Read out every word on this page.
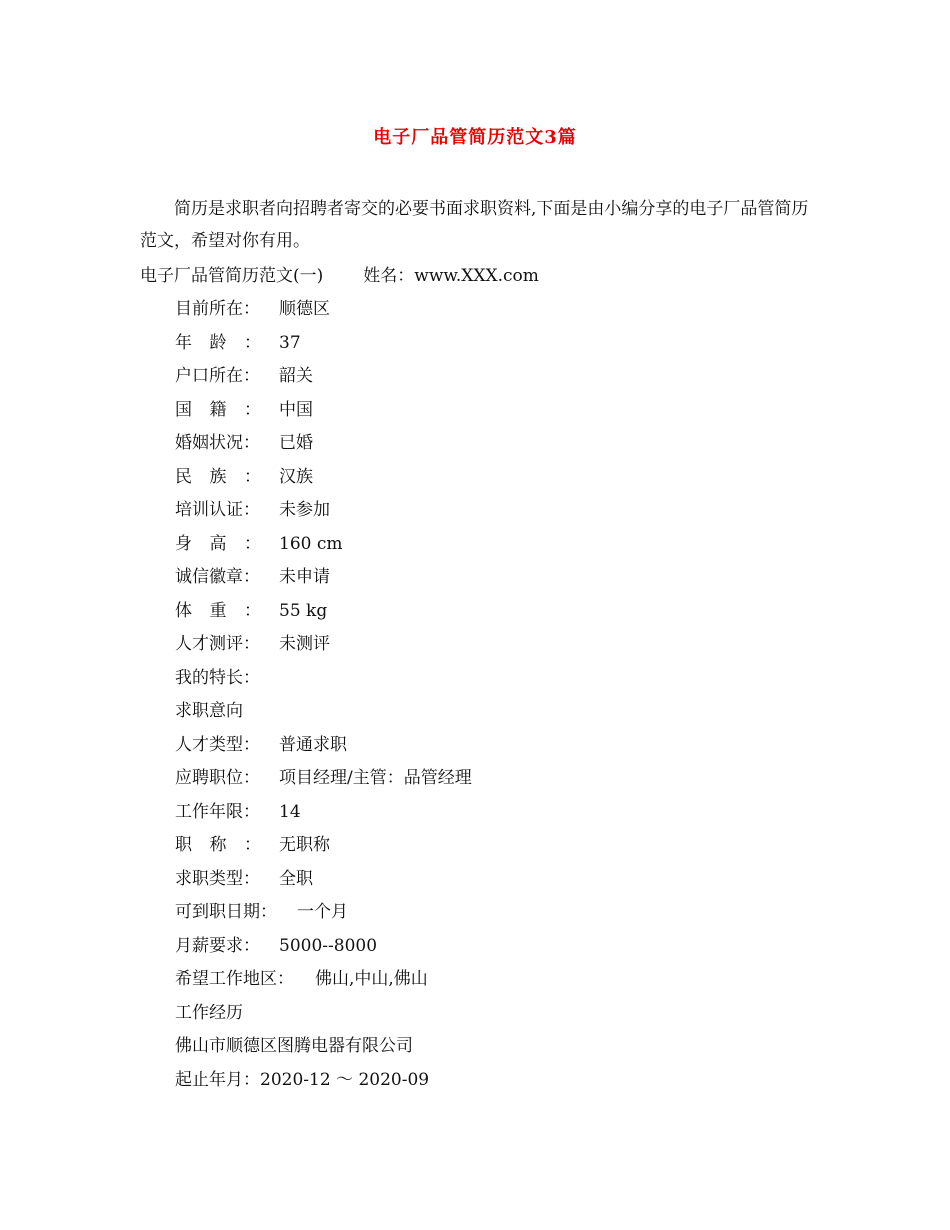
电子厂品管简历范文3篇

简历是求职者向招聘者寄交的必要书面求职资料,下面是由小编分享的电子厂品管简历范文，希望对你有用。

电子厂品管简历范文(一) 姓名：www.XXX.com
目前所在： 顺德区
年龄： 37
户口所在： 韶关
国籍： 中国
婚姻状况： 已婚
民族： 汉族
培训认证： 未参加
身高： 160 cm
诚信徽章： 未申请
体重： 55 kg
人才测评： 未测评
我的特长：
求职意向
人才类型： 普通求职
应聘职位： 项目经理/主管：品管经理
工作年限： 14
职称： 无职称
求职类型： 全职
可到职日期： 一个月
月薪要求： 5000--8000
希望工作地区： 佛山,中山,佛山
工作经历
佛山市顺德区图腾电器有限公司
起止年月：2020-12 ～ 2020-09
